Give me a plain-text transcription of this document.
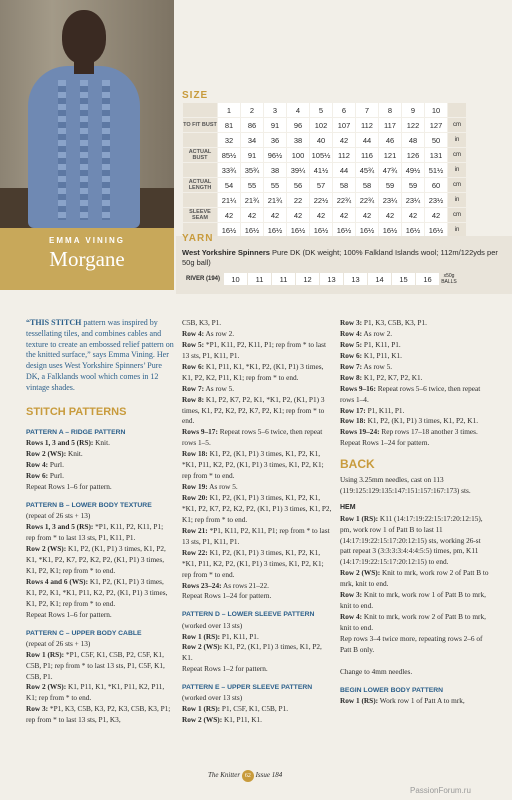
EMMA VINING
Morgane
SIZE
	1	2	3	4	5	6	7	8	9	10	
TO FIT BUST	81	86	91	96	102	107	112	117	122	127	cm
	32	34	36	38	40	42	44	46	48	50	in
ACTUAL BUST	85½	91	96½	100	105½	112	116	121	126	131	cm
	33¾	35¾	38	39¼	41½	44	45¾	47¾	49½	51½	in
ACTUAL LENGTH	54	55	55	56	57	58	58	59	59	60	cm
	21¼	21¾	21¾	22	22½	22¾	22¾	23¼	23¼	23½	in
SLEEVE SEAM	42	42	42	42	42	42	42	42	42	42	cm
	16½	16½	16½	16½	16½	16½	16½	16½	16½	16½	in
YARN
West Yorkshire Spinners Pure DK (DK weight; 100% Falkland Islands wool; 112m/122yds per 50g ball)
RIVER (194)	10	11	11	12	13	13	14	15	16	x50g BALLS

“THIS STITCH pattern was inspired by tessellating tiles, and combines cables and texture to create an embossed relief pattern on the knitted surface,” says Emma Vining. Her design uses West Yorkshire Spinners’ Pure DK, a Falklands wool which comes in 12 vintage shades.

STITCH PATTERNS

PATTERN A – RIDGE PATTERN

Rows 1, 3 and 5 (RS): Knit.

Row 2 (WS): Knit.

Row 4: Purl.

Row 6: Purl.

Repeat Rows 1–6 for pattern.

PATTERN B – LOWER BODY TEXTURE

(repeat of 26 sts + 13)

Rows 1, 3 and 5 (RS): *P1, K11, P2, K11, P1; rep from * to last 13 sts, P1, K11, P1.

Row 2 (WS): K1, P2, (K1, P1) 3 times, K1, P2, K1, *K1, P2, K7, P2, K2, P2, (K1, P1) 3 times, K1, P2, K1; rep from * to end.

Rows 4 and 6 (WS): K1, P2, (K1, P1) 3 times, K1, P2, K1, *K1, P11, K2, P2, (K1, P1) 3 times, K1, P2, K1; rep from * to end.

Repeat Rows 1–6 for pattern.

PATTERN C – UPPER BODY CABLE

(repeat of 26 sts + 13)

Row 1 (RS): *P1, C5F, K1, C5B, P2, C5F, K1, C5B, P1; rep from * to last 13 sts, P1, C5F, K1, C5B, P1.

Row 2 (WS): K1, P11, K1, *K1, P11, K2, P11, K1; rep from * to end.

Row 3: *P1, K3, C5B, K3, P2, K3, C5B, K3, P1; rep from * to last 13 sts, P1, K3,

C5B, K3, P1.

Row 4: As row 2.

Row 5: *P1, K11, P2, K11, P1; rep from * to last 13 sts, P1, K11, P1.

Row 6: K1, P11, K1, *K1, P2, (K1, P1) 3 times, K1, P2, K2, P11, K1; rep from * to end.

Row 7: As row 5.

Row 8: K1, P2, K7, P2, K1, *K1, P2, (K1, P1) 3 times, K1, P2, K2, P2, K7, P2, K1; rep from * to end.

Rows 9–17: Repeat rows 5–6 twice, then repeat rows 1–5.

Row 18: K1, P2, (K1, P1) 3 times, K1, P2, K1, *K1, P11, K2, P2, (K1, P1) 3 times, K1, P2, K1; rep from * to end.

Row 19: As row 5.

Row 20: K1, P2, (K1, P1) 3 times, K1, P2, K1, *K1, P2, K7, P2, K2, P2, (K1, P1) 3 times, K1, P2, K1; rep from * to end.

Row 21: *P1, K11, P2, K11, P1; rep from * to last 13 sts, P1, K11, P1.

Row 22: K1, P2, (K1, P1) 3 times, K1, P2, K1, *K1, P11, K2, P2, (K1, P1) 3 times, K1, P2, K1; rep from * to end.

Rows 23–24: As rows 21–22.

Repeat Rows 1–24 for pattern.

PATTERN D – LOWER SLEEVE PATTERN

(worked over 13 sts)

Row 1 (RS): P1, K11, P1.

Row 2 (WS): K1, P2, (K1, P1) 3 times, K1, P2, K1.

Repeat Rows 1–2 for pattern.

PATTERN E – UPPER SLEEVE PATTERN

(worked over 13 sts)

Row 1 (RS): P1, C5F, K1, C5B, P1.

Row 2 (WS): K1, P11, K1.

Row 3: P1, K3, C5B, K3, P1.

Row 4: As row 2.

Row 5: P1, K11, P1.

Row 6: K1, P11, K1.

Row 7: As row 5.

Row 8: K1, P2, K7, P2, K1.

Rows 9–16: Repeat rows 5–6 twice, then repeat rows 1–4.

Row 17: P1, K11, P1.

Row 18: K1, P2, (K1, P1) 3 times, K1, P2, K1.

Rows 19–24: Rep rows 17–18 another 3 times.

Repeat Rows 1–24 for pattern.

BACK

Using 3.25mm needles, cast on 113 (119:125:129:135:147:151:157:167:173) sts.

HEM

Row 1 (RS): K11 (14:17:19:22:15:17:20:12:15), pm, work row 1 of Patt B to last 11 (14:17:19:22:15:17:20:12:15) sts, working 26-st patt repeat 3 (3:3:3:3:4:4:4:5:5) times, pm, K11 (14:17:19:22:15:17:20:12:15) to end.

Row 2 (WS): Knit to mrk, work row 2 of Patt B to mrk, knit to end.

Row 3: Knit to mrk, work row 1 of Patt B to mrk, knit to end.

Row 4: Knit to mrk, work row 2 of Patt B to mrk, knit to end.

Rep rows 3–4 twice more, repeating rows 2–6 of Patt B only.

Change to 4mm needles.

BEGIN LOWER BODY PATTERN

Row 1 (RS): Work row 1 of Patt A to mrk,

The Knitter 62 Issue 184
PassionForum.ru
